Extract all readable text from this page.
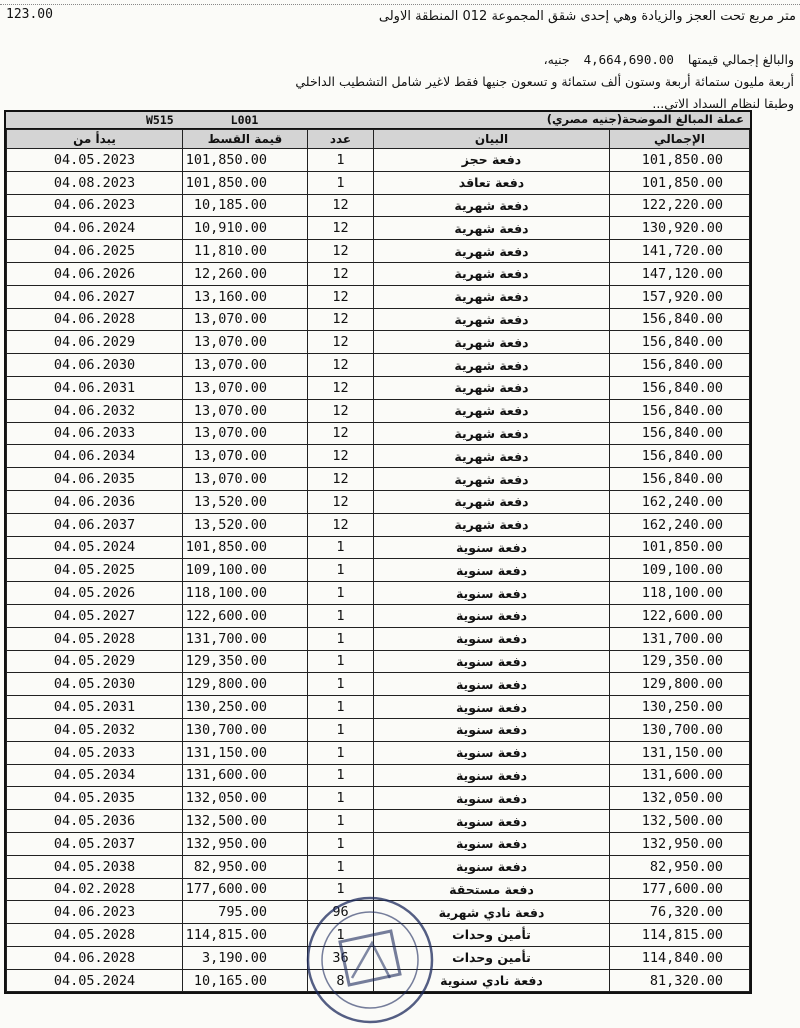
متر مربع تحت العجز والزيادة وهي إحدى شقق المجموعة 012 المنطقة الاولى
123.00
والبالغ إجمالي قيمتها 4,664,690.00 جنيه،
أربعة مليون ستمائة أربعة وستون ألف ستمائة و تسعون جنيها فقط لاغير شامل التشطيب الداخلي
وطبقا لنظام السداد الاتي...
W515	L001	عملة المبالغ الموضحة(جنيه مصري)
يبدأ من	قيمة القسط	عدد	البيان	الإجمالي
04.05.2023	101,850.00	1	دفعة حجز	101,850.00
04.08.2023	101,850.00	1	دفعة تعاقد	101,850.00
04.06.2023	10,185.00	12	دفعة شهرية	122,220.00
04.06.2024	10,910.00	12	دفعة شهرية	130,920.00
04.06.2025	11,810.00	12	دفعة شهرية	141,720.00
04.06.2026	12,260.00	12	دفعة شهرية	147,120.00
04.06.2027	13,160.00	12	دفعة شهرية	157,920.00
04.06.2028	13,070.00	12	دفعة شهرية	156,840.00
04.06.2029	13,070.00	12	دفعة شهرية	156,840.00
04.06.2030	13,070.00	12	دفعة شهرية	156,840.00
04.06.2031	13,070.00	12	دفعة شهرية	156,840.00
04.06.2032	13,070.00	12	دفعة شهرية	156,840.00
04.06.2033	13,070.00	12	دفعة شهرية	156,840.00
04.06.2034	13,070.00	12	دفعة شهرية	156,840.00
04.06.2035	13,070.00	12	دفعة شهرية	156,840.00
04.06.2036	13,520.00	12	دفعة شهرية	162,240.00
04.06.2037	13,520.00	12	دفعة شهرية	162,240.00
04.05.2024	101,850.00	1	دفعة سنوية	101,850.00
04.05.2025	109,100.00	1	دفعة سنوية	109,100.00
04.05.2026	118,100.00	1	دفعة سنوية	118,100.00
04.05.2027	122,600.00	1	دفعة سنوية	122,600.00
04.05.2028	131,700.00	1	دفعة سنوية	131,700.00
04.05.2029	129,350.00	1	دفعة سنوية	129,350.00
04.05.2030	129,800.00	1	دفعة سنوية	129,800.00
04.05.2031	130,250.00	1	دفعة سنوية	130,250.00
04.05.2032	130,700.00	1	دفعة سنوية	130,700.00
04.05.2033	131,150.00	1	دفعة سنوية	131,150.00
04.05.2034	131,600.00	1	دفعة سنوية	131,600.00
04.05.2035	132,050.00	1	دفعة سنوية	132,050.00
04.05.2036	132,500.00	1	دفعة سنوية	132,500.00
04.05.2037	132,950.00	1	دفعة سنوية	132,950.00
04.05.2038	82,950.00	1	دفعة سنوية	82,950.00
04.02.2028	177,600.00	1	دفعة مستحقة	177,600.00
04.06.2023	795.00	96	دفعة نادي شهرية	76,320.00
04.05.2028	114,815.00	1	تأمين وحدات	114,815.00
04.06.2028	3,190.00	36	تأمين وحدات	114,840.00
04.05.2024	10,165.00	8	دفعة نادي سنوية	81,320.00
